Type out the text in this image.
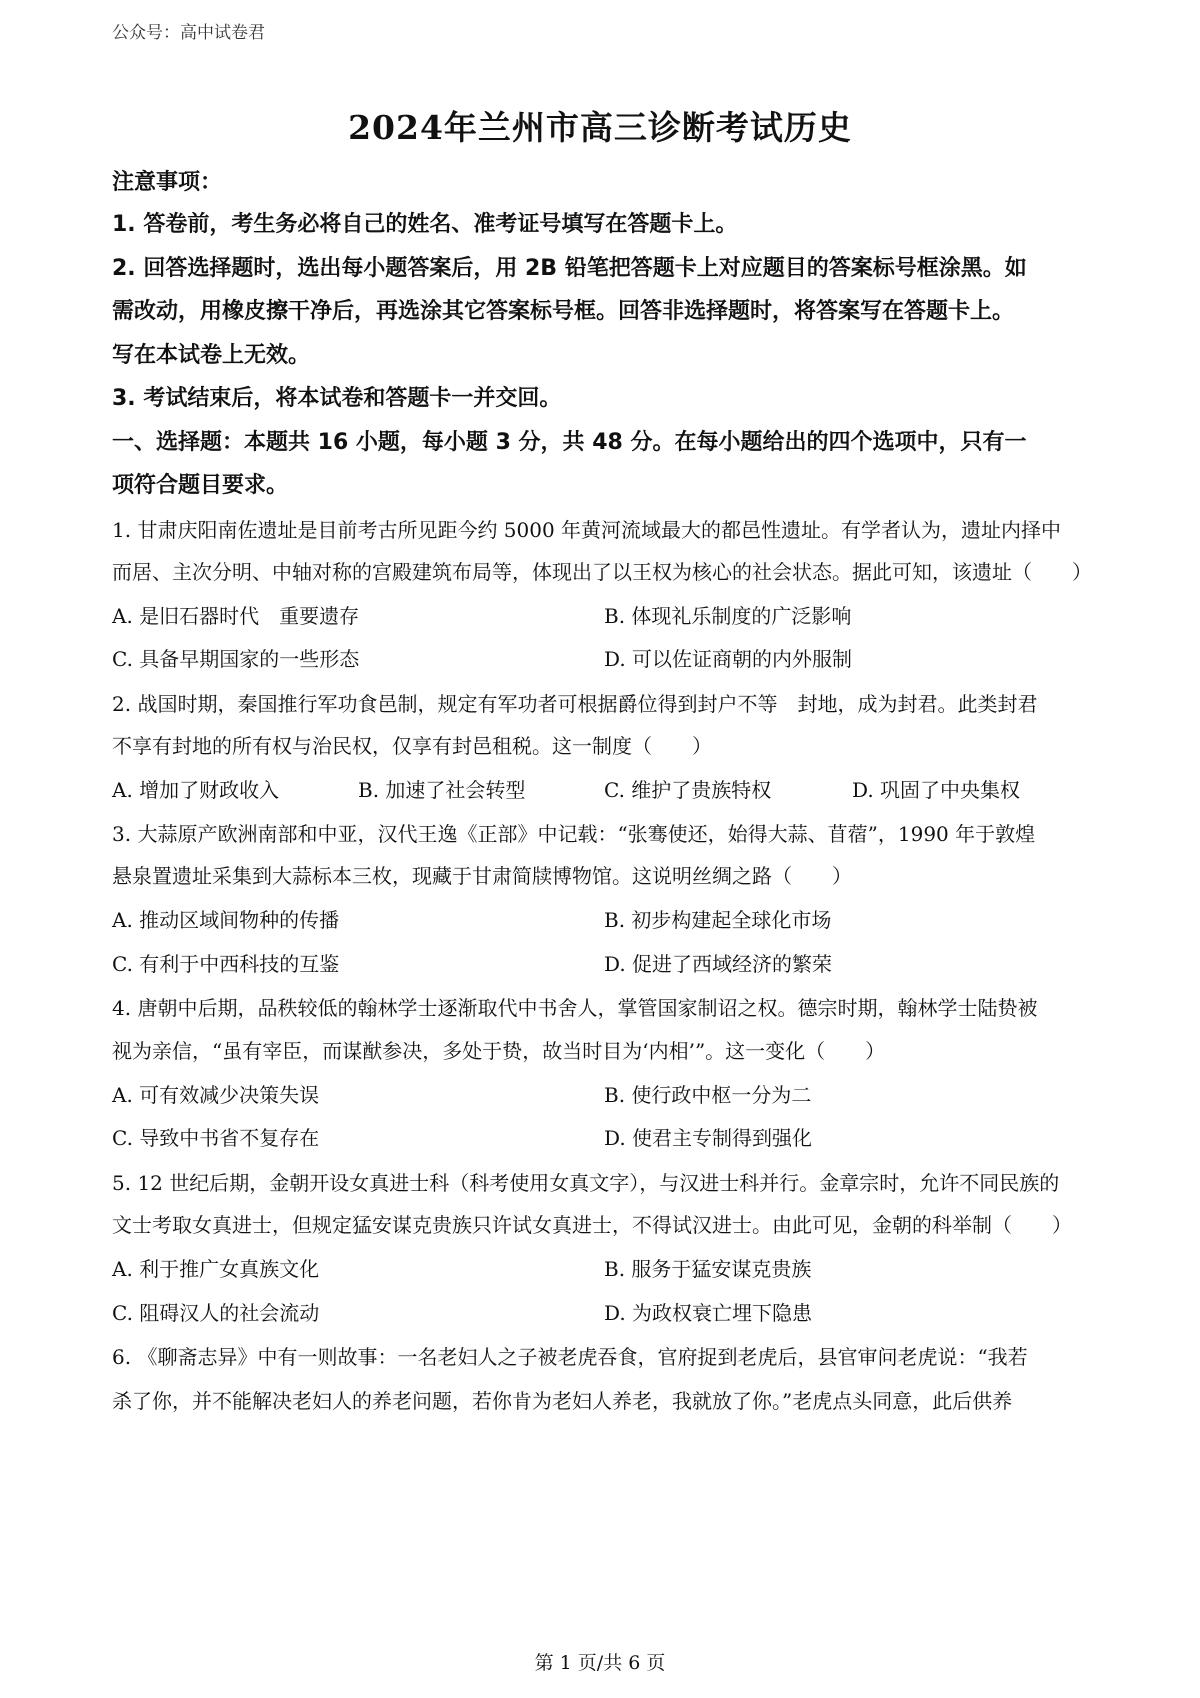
公众号：高中试卷君
2024年兰州市高三诊断考试历史
注意事项：
1. 答卷前，考生务必将自己的姓名、准考证号填写在答题卡上。
2. 回答选择题时，选出每小题答案后，用 2B 铅笔把答题卡上对应题目的答案标号框涂黑。如
需改动，用橡皮擦干净后，再选涂其它答案标号框。回答非选择题时，将答案写在答题卡上。
写在本试卷上无效。
3. 考试结束后，将本试卷和答题卡一并交回。
一、选择题：本题共 16 小题，每小题 3 分，共 48 分。在每小题给出的四个选项中，只有一
项符合题目要求。
1. 甘肃庆阳南佐遗址是目前考古所见距今约 5000 年黄河流域最大的都邑性遗址。有学者认为，遗址内择中
而居、主次分明、中轴对称的宫殿建筑布局等，体现出了以王权为核心的社会状态。据此可知，该遗址（　　）
A. 是旧石器时代　重要遗存	B. 体现礼乐制度的广泛影响
C. 具备早期国家的一些形态	D. 可以佐证商朝的内外服制
2. 战国时期，秦国推行军功食邑制，规定有军功者可根据爵位得到封户不等　封地，成为封君。此类封君
不享有封地的所有权与治民权，仅享有封邑租税。这一制度（　　）
A. 增加了财政收入	B. 加速了社会转型	C. 维护了贵族特权	D. 巩固了中央集权
3. 大蒜原产欧洲南部和中亚，汉代王逸《正部》中记载：“张骞使还，始得大蒜、苜蓿”，1990 年于敦煌
悬泉置遗址采集到大蒜标本三枚，现藏于甘肃简牍博物馆。这说明丝绸之路（　　）
A. 推动区域间物种的传播	B. 初步构建起全球化市场
C. 有利于中西科技的互鉴	D. 促进了西域经济的繁荣
4. 唐朝中后期，品秩较低的翰林学士逐渐取代中书舍人，掌管国家制诏之权。德宗时期，翰林学士陆贽被
视为亲信，“虽有宰臣，而谋猷参决，多处于贽，故当时目为‘内相’”。这一变化（　　）
A. 可有效减少决策失误	B. 使行政中枢一分为二
C. 导致中书省不复存在	D. 使君主专制得到强化
5. 12 世纪后期，金朝开设女真进士科（科考使用女真文字），与汉进士科并行。金章宗时，允许不同民族的
文士考取女真进士，但规定猛安谋克贵族只许试女真进士，不得试汉进士。由此可见，金朝的科举制（　　）
A. 利于推广女真族文化	B. 服务于猛安谋克贵族
C. 阻碍汉人的社会流动	D. 为政权衰亡埋下隐患
6. 《聊斋志异》中有一则故事：一名老妇人之子被老虎吞食，官府捉到老虎后，县官审问老虎说：“我若
杀了你，并不能解决老妇人的养老问题，若你肯为老妇人养老，我就放了你。”老虎点头同意，此后供养
第 1 页/共 6 页
